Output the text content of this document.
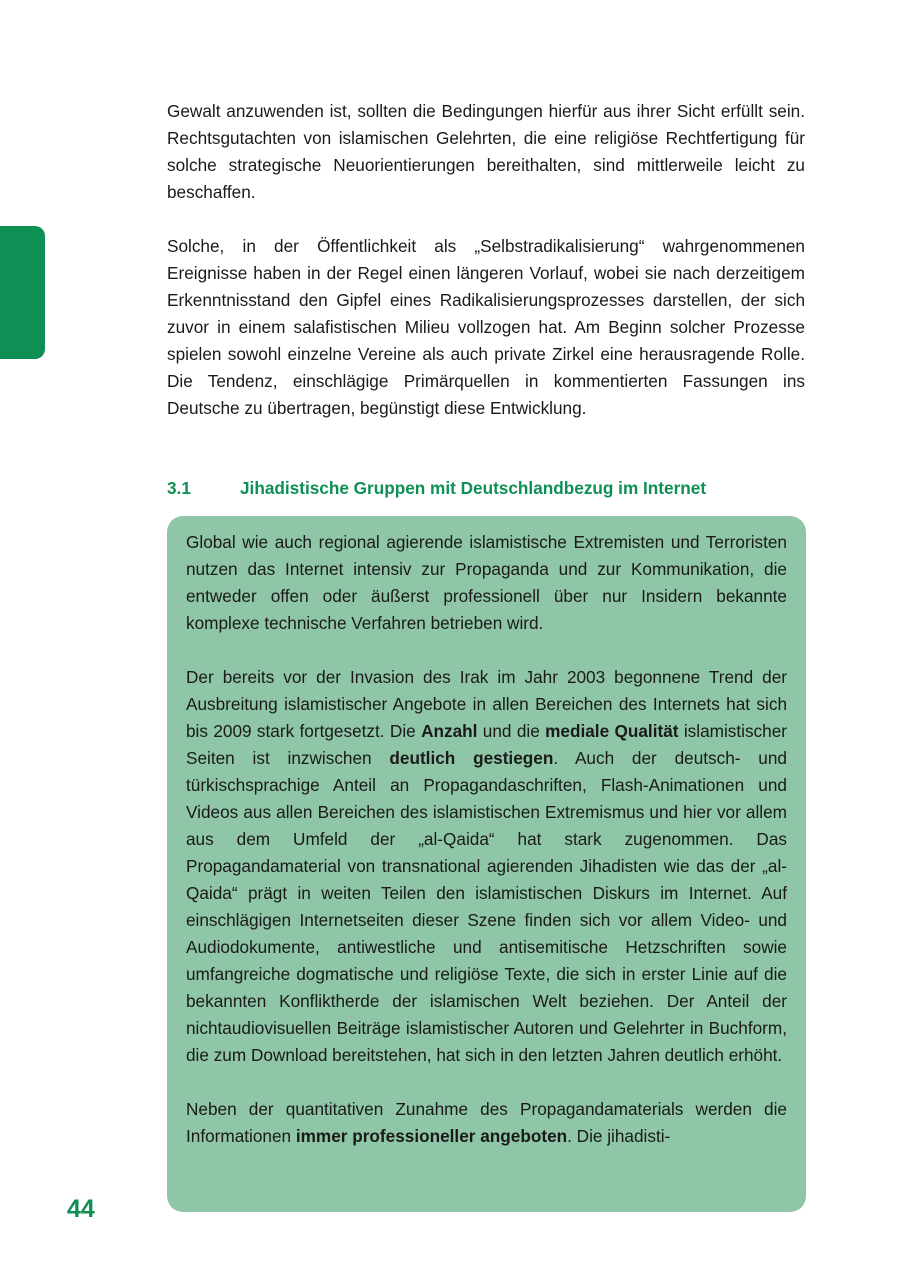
Gewalt anzuwenden ist, sollten die Bedingungen hierfür aus ihrer Sicht erfüllt sein. Rechtsgutachten von islamischen Gelehrten, die eine religiöse Rechtfertigung für solche strategische Neuorientierungen bereithalten, sind mittlerweile leicht zu beschaffen.

Solche, in der Öffentlichkeit als „Selbstradikalisierung“ wahrgenommenen Ereignisse haben in der Regel einen längeren Vorlauf, wobei sie nach derzeitigem Erkenntnisstand den Gipfel eines Radikalisierungsprozesses darstellen, der sich zuvor in einem salafistischen Milieu vollzogen hat. Am Beginn solcher Prozesse spielen sowohl einzelne Vereine als auch private Zirkel eine herausragende Rolle. Die Tendenz, einschlägige Primärquellen in kommentierten Fassungen ins Deutsche zu übertragen, begünstigt diese Entwicklung.

3.1	Jihadistische Gruppen mit Deutschlandbezug im Internet

Global wie auch regional agierende islamistische Extremisten und Terroristen nutzen das Internet intensiv zur Propaganda und zur Kommunikation, die entweder offen oder äußerst professionell über nur Insidern bekannte komplexe technische Verfahren betrieben wird.

Der bereits vor der Invasion des Irak im Jahr 2003 begonnene Trend der Ausbreitung islamistischer Angebote in allen Bereichen des Internets hat sich bis 2009 stark fortgesetzt. Die Anzahl und die mediale Qualität islamistischer Seiten ist inzwischen deutlich gestiegen. Auch der deutsch- und türkischsprachige Anteil an Propagandaschriften, Flash-Animationen und Videos aus allen Bereichen des islamistischen Extremismus und hier vor allem aus dem Umfeld der „al-Qaida“ hat stark zugenommen. Das Propagandamaterial von transnational agierenden Jihadisten wie das der „al-Qaida“ prägt in weiten Teilen den islamistischen Diskurs im Internet. Auf einschlägigen Internetseiten dieser Szene finden sich vor allem Video- und Audiodokumente, antiwestliche und antisemitische Hetzschriften sowie umfangreiche dogmatische und religiöse Texte, die sich in erster Linie auf die bekannten Konfliktherde der islamischen Welt beziehen. Der Anteil der nichtaudiovisuellen Beiträge islamistischer Autoren und Gelehrter in Buchform, die zum Download bereitstehen, hat sich in den letzten Jahren deutlich erhöht.

Neben der quantitativen Zunahme des Propagandamaterials werden die Informationen immer professioneller angeboten. Die jihadisti-

44
